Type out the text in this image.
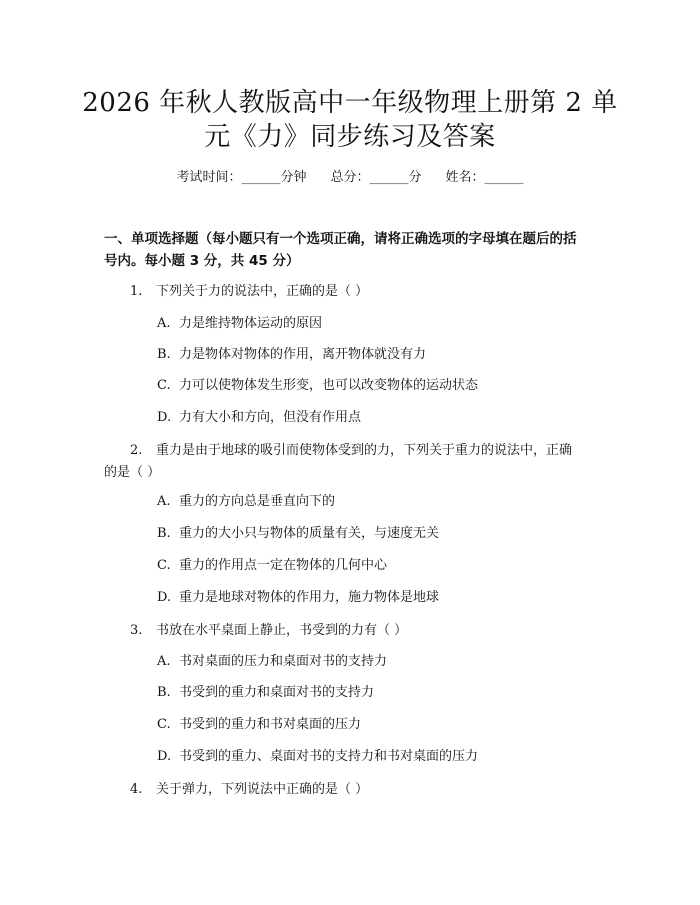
2026 年秋人教版高中一年级物理上册第 2 单
元《力》同步练习及答案
考试时间：______分钟 总分：______分 姓名：______
一、单项选择题（每小题只有一个选项正确，请将正确选项的字母填在题后的括
号内。每小题 3 分，共 45 分）
1. 下列关于力的说法中，正确的是（ ）
A. 力是维持物体运动的原因
B. 力是物体对物体的作用，离开物体就没有力
C. 力可以使物体发生形变，也可以改变物体的运动状态
D. 力有大小和方向，但没有作用点
2. 重力是由于地球的吸引而使物体受到的力，下列关于重力的说法中，正确
的是（ ）
A. 重力的方向总是垂直向下的
B. 重力的大小只与物体的质量有关，与速度无关
C. 重力的作用点一定在物体的几何中心
D. 重力是地球对物体的作用力，施力物体是地球
3. 书放在水平桌面上静止，书受到的力有（ ）
A. 书对桌面的压力和桌面对书的支持力
B. 书受到的重力和桌面对书的支持力
C. 书受到的重力和书对桌面的压力
D. 书受到的重力、桌面对书的支持力和书对桌面的压力
4. 关于弹力，下列说法中正确的是（ ）
